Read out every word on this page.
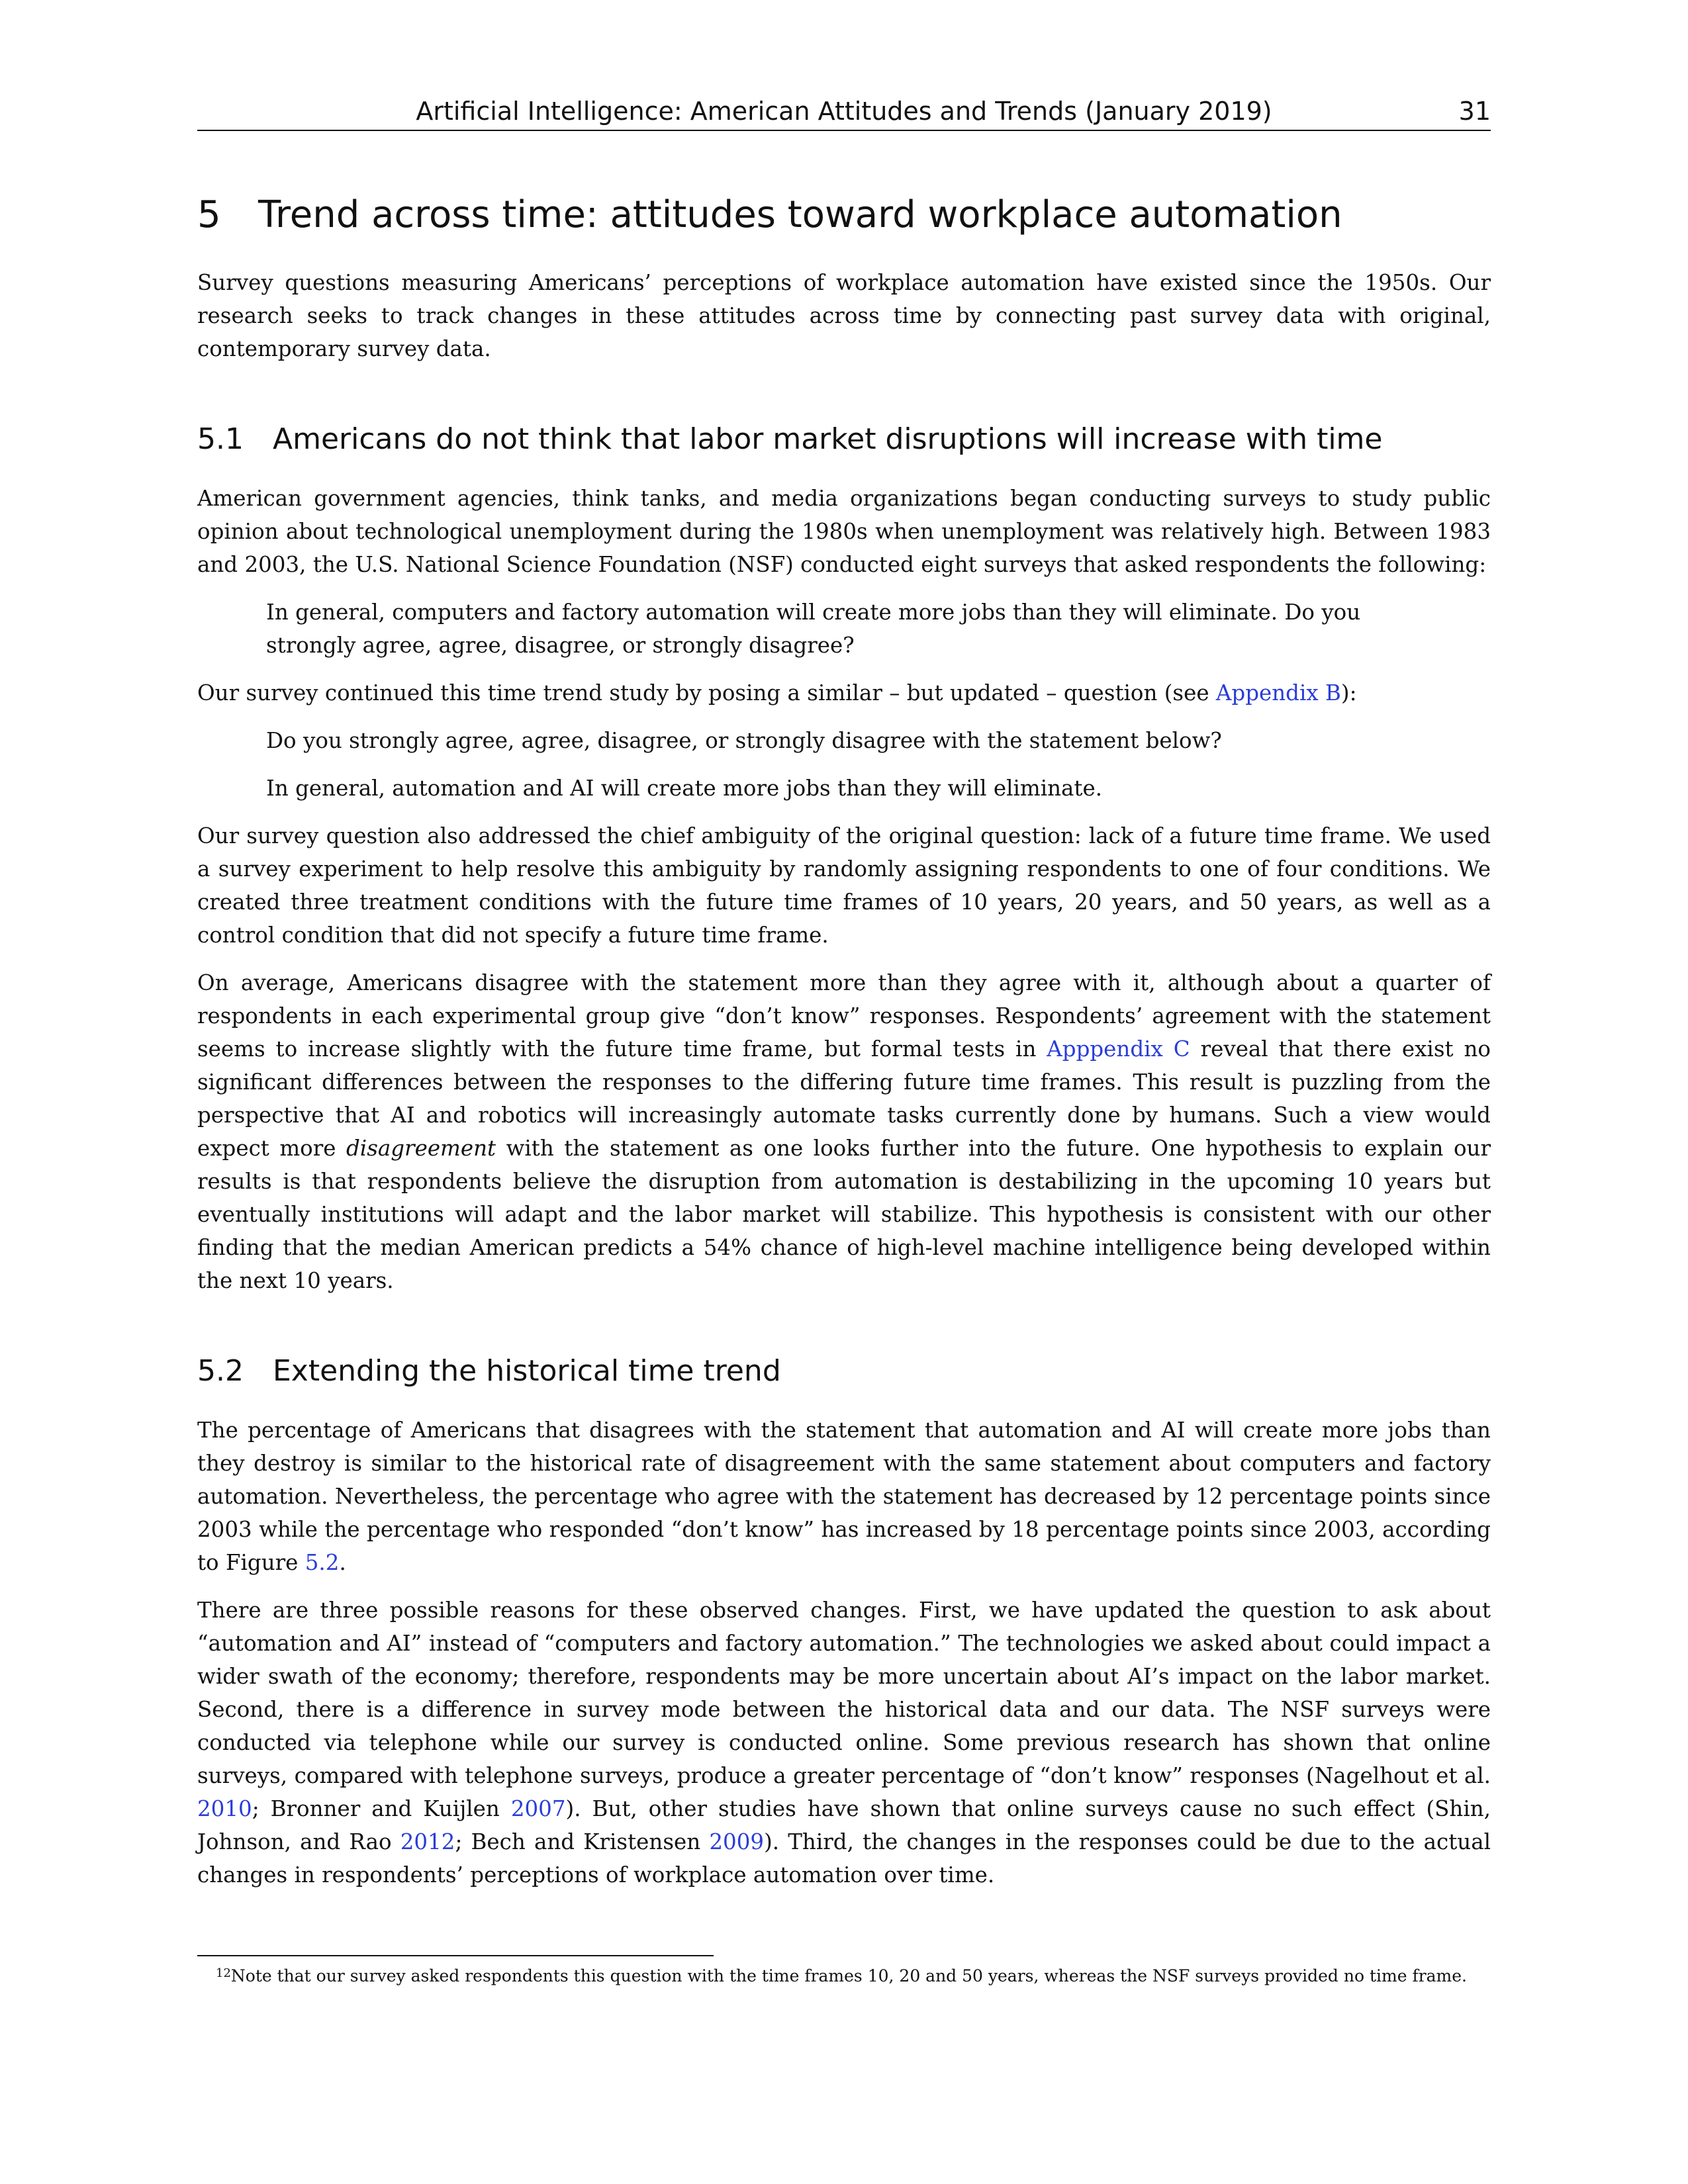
Artificial Intelligence: American Attitudes and Trends (January 2019)	31
5 Trend across time: attitudes toward workplace automation

Survey questions measuring Americans’ perceptions of workplace automation have existed since the 1950s. Our research seeks to track changes in these attitudes across time by connecting past survey data with original, contemporary survey data.

5.1 Americans do not think that labor market disruptions will increase with time

American government agencies, think tanks, and media organizations began conducting surveys to study public opinion about technological unemployment during the 1980s when unemployment was relatively high. Between 1983 and 2003, the U.S. National Science Foundation (NSF) conducted eight surveys that asked respondents the following:

In general, computers and factory automation will create more jobs than they will eliminate. Do you strongly agree, agree, disagree, or strongly disagree?

Our survey continued this time trend study by posing a similar – but updated – question (see Appendix B):

Do you strongly agree, agree, disagree, or strongly disagree with the statement below?

In general, automation and AI will create more jobs than they will eliminate.

Our survey question also addressed the chief ambiguity of the original question: lack of a future time frame. We used a survey experiment to help resolve this ambiguity by randomly assigning respondents to one of four conditions. We created three treatment conditions with the future time frames of 10 years, 20 years, and 50 years, as well as a control condition that did not specify a future time frame.

On average, Americans disagree with the statement more than they agree with it, although about a quarter of respondents in each experimental group give “don’t know” responses. Respondents’ agreement with the statement seems to increase slightly with the future time frame, but formal tests in Apppendix C reveal that there exist no significant differences between the responses to the differing future time frames. This result is puzzling from the perspective that AI and robotics will increasingly automate tasks currently done by humans. Such a view would expect more disagreement with the statement as one looks further into the future. One hypothesis to explain our results is that respondents believe the disruption from automation is destabilizing in the upcoming 10 years but eventually institutions will adapt and the labor market will stabilize. This hypothesis is consistent with our other finding that the median American predicts a 54% chance of high-level machine intelligence being developed within the next 10 years.

5.2 Extending the historical time trend

The percentage of Americans that disagrees with the statement that automation and AI will create more jobs than they destroy is similar to the historical rate of disagreement with the same statement about computers and factory automation. Nevertheless, the percentage who agree with the statement has decreased by 12 percentage points since 2003 while the percentage who responded “don’t know” has increased by 18 percentage points since 2003, according to Figure 5.2.

There are three possible reasons for these observed changes. First, we have updated the question to ask about “automation and AI” instead of “computers and factory automation.” The technologies we asked about could impact a wider swath of the economy; therefore, respondents may be more uncertain about AI’s impact on the labor market. Second, there is a difference in survey mode between the historical data and our data. The NSF surveys were conducted via telephone while our survey is conducted online. Some previous research has shown that online surveys, compared with telephone surveys, produce a greater percentage of “don’t know” responses (Nagelhout et al. 2010; Bronner and Kuijlen 2007). But, other studies have shown that online surveys cause no such effect (Shin, Johnson, and Rao 2012; Bech and Kristensen 2009). Third, the changes in the responses could be due to the actual changes in respondents’ perceptions of workplace automation over time.

$^{12}$Note that our survey asked respondents this question with the time frames 10, 20 and 50 years, whereas the NSF surveys provided no time frame.
